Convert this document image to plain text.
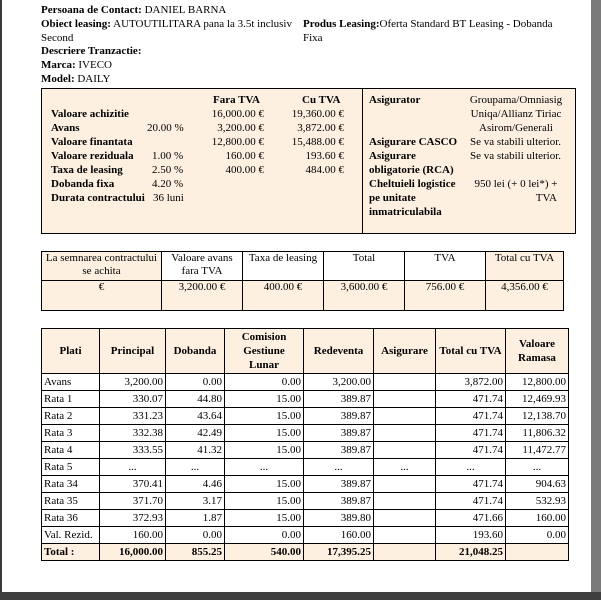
Persoana de Contact: DANIEL BARNA
Obiect leasing: AUTOUTILITARA pana la 3.5t inclusiv
Second
Produs Leasing:Oferta Standard BT Leasing - Dobanda
Fixa
Descriere Tranzactie:
Marca: IVECO
Model: DAILY
Fara TVA	Cu TVA
Valoare achizitie	16,000.00 €	19,360.00 €
Avans	20.00 %	3,200.00 €	3,872.00 €
Valoare finantata	12,800.00 €	15,488.00 €
Valoare reziduala 1.00 %	160.00 €	193.60 €
Taxa de leasing	2.50 %	400.00 €	484.00 €
Dobanda fixa	4.20 %
Durata contractului 36 luni
Asigurator	Groupama/Omniasig
Uniqa/Allianz Tiriac
Asirom/Generali
Asigurare CASCO Se va stabili ulterior.
Asigurare	Se va stabili ulterior.
obligatorie (RCA)
Cheltuieli logistice
pe unitate
inmatriculabila
950 lei (+ 0 lei*) +
TVA
La semnarea contractului se achita	Valoare avans fara TVA	Taxa de leasing	Total	TVA	Total cu TVA
€	3,200.00 €	400.00 €	3,600.00 €	756.00 €	4,356.00 €
Plati	Principal	Dobanda	Comision Gestiune Lunar	Redeventa	Asigurare	Total cu TVA	Valoare Ramasa
Avans	3,200.00	0.00	0.00	3,200.00		3,872.00	12,800.00
Rata 1	330.07	44.80	15.00	389.87		471.74	12,469.93
Rata 2	331.23	43.64	15.00	389.87		471.74	12,138.70
Rata 3	332.38	42.49	15.00	389.87		471.74	11,806.32
Rata 4	333.55	41.32	15.00	389.87		471.74	11,472.77
Rata 5	...	...	...	...	...	...	...
Rata 34	370.41	4.46	15.00	389.87		471.74	904.63
Rata 35	371.70	3.17	15.00	389.87		471.74	532.93
Rata 36	372.93	1.87	15.00	389.80		471.66	160.00
Val. Rezid.	160.00	0.00	0.00	160.00		193.60	0.00
Total :	16,000.00	855.25	540.00	17,395.25		21,048.25	
